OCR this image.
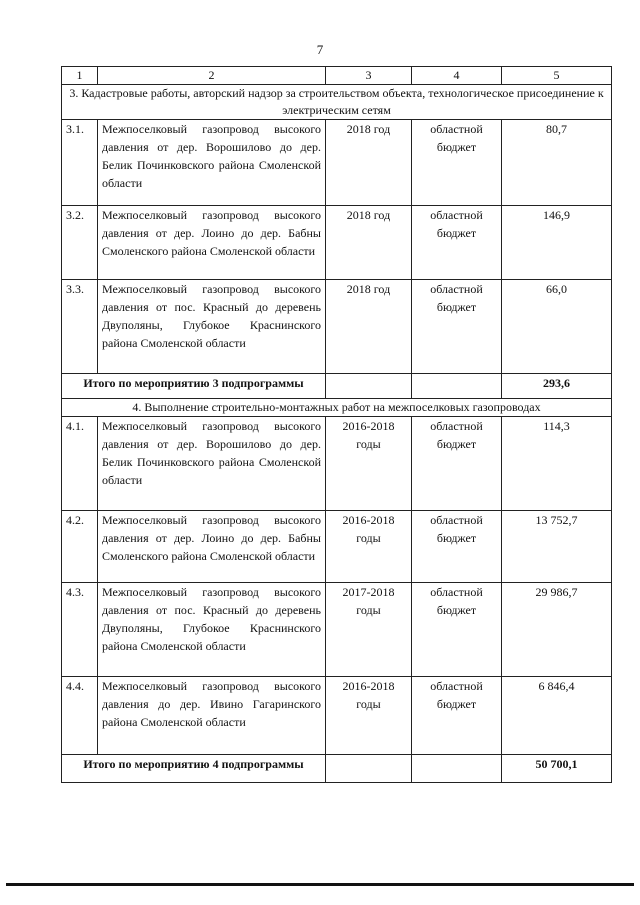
7
1	2	3	4	5
3. Кадастровые работы, авторский надзор за строительством объекта, технологическое присоединение к электрическим сетям				
3.1.	Межпоселковый газопровод высокого давления от дер. Ворошилово до дер. Белик Починковского района Смоленской области	2018 год	областной бюджет	80,7
3.2.	Межпоселковый газопровод высокого давления от дер. Лоино до дер. Бабны Смоленского района Смоленской области	2018 год	областной бюджет	146,9
3.3.	Межпоселковый газопровод высокого давления от пос. Красный до деревень Двуполяны, Глубокое Краснинского района Смоленской области	2018 год	областной бюджет	66,0
Итого по мероприятию 3 подпрограммы				293,6
4. Выполнение строительно-монтажных работ на межпоселковых газопроводах				
4.1.	Межпоселковый газопровод высокого давления от дер. Ворошилово до дер. Белик Починковского района Смоленской области	2016-2018 годы	областной бюджет	114,3
4.2.	Межпоселковый газопровод высокого давления от дер. Лоино до дер. Бабны Смоленского района Смоленской области	2016-2018 годы	областной бюджет	13 752,7
4.3.	Межпоселковый газопровод высокого давления от пос. Красный до деревень Двуполяны, Глубокое Краснинского района Смоленской области	2017-2018 годы	областной бюджет	29 986,7
4.4.	Межпоселковый газопровод высокого давления до дер. Ивино Гагаринского района Смоленской области	2016-2018 годы	областной бюджет	6 846,4
Итого по мероприятию 4 подпрограммы				50 700,1
